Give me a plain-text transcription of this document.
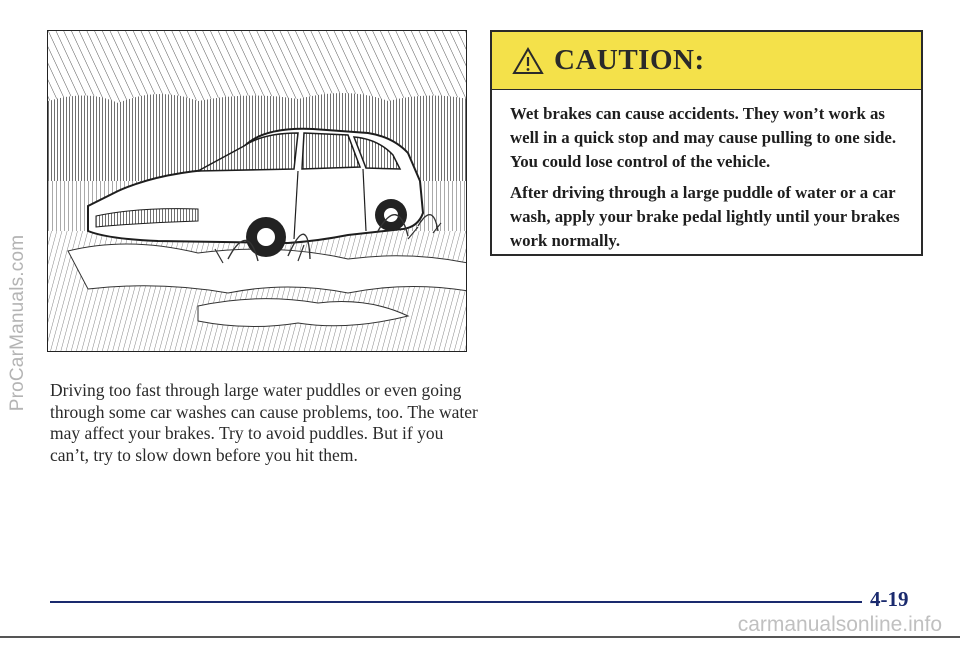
ProCarManuals.com Driving too fast through large water puddles or even going through some car washes can cause problems, too. The water may affect your brakes. Try to avoid puddles. But if you can’t, try to slow down before you hit them.

CAUTION:

Wet brakes can cause accidents. They won’t work as well in a quick stop and may cause pulling to one side. You could lose control of the vehicle.

After driving through a large puddle of water or a car wash, apply your brake pedal lightly until your brakes work normally.

4-19
carmanualsonline.info
